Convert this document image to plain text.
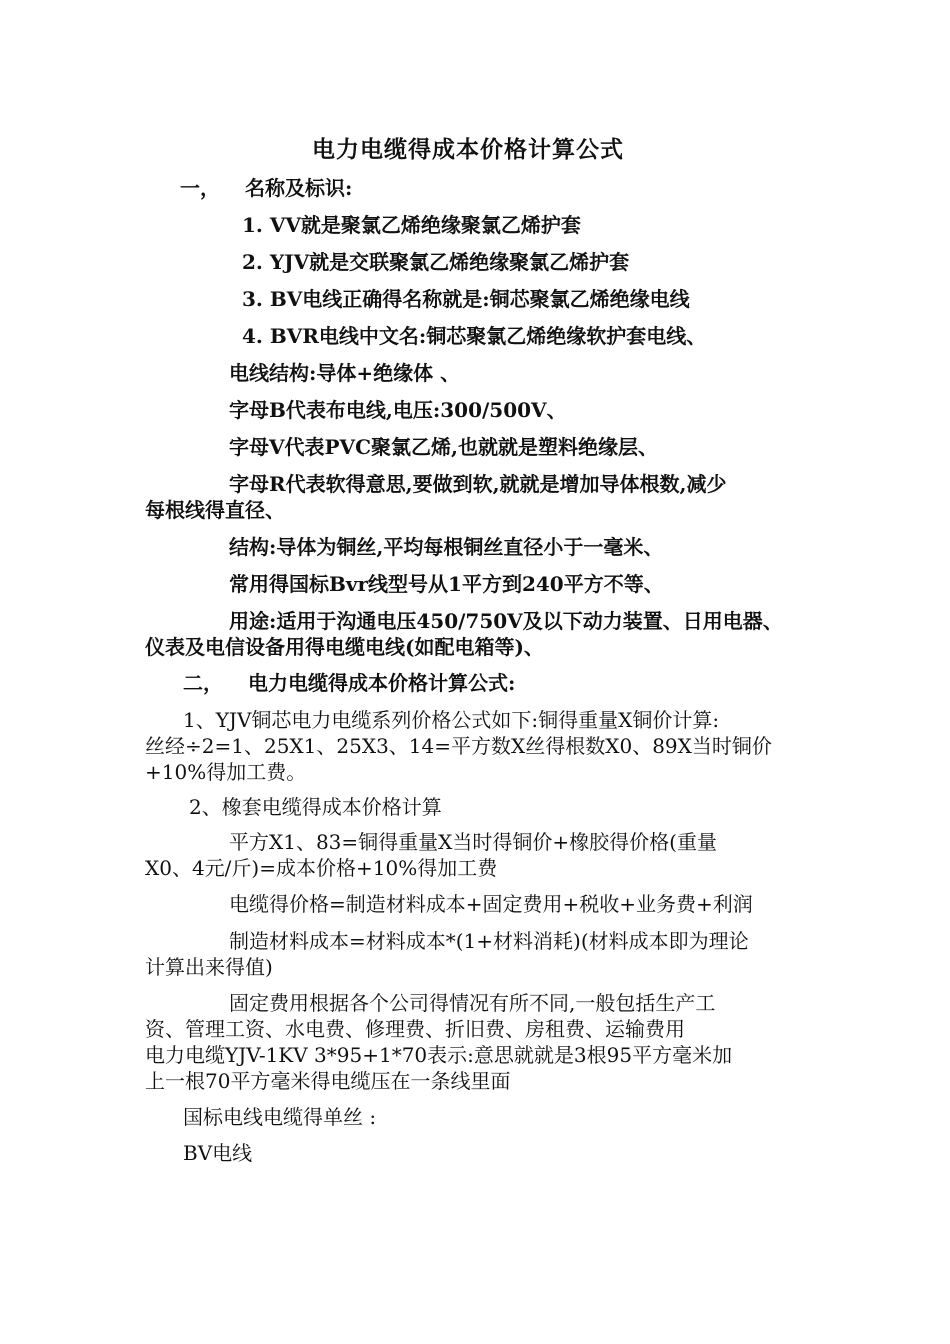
电力电缆得成本价格计算公式
一， 名称及标识:
1. VV就是聚氯乙烯绝缘聚氯乙烯护套
2. YJV就是交联聚氯乙烯绝缘聚氯乙烯护套
3. BV电线正确得名称就是:铜芯聚氯乙烯绝缘电线
4. BVR电线中文名:铜芯聚氯乙烯绝缘软护套电线、
电线结构:导体+绝缘体 、
字母B代表布电线,电压:300/500V、
字母V代表PVC聚氯乙烯,也就就是塑料绝缘层、
字母R代表软得意思,要做到软,就就是增加导体根数,减少
每根线得直径、
结构:导体为铜丝,平均每根铜丝直径小于一毫米、
常用得国标Bvr线型号从1平方到240平方不等、
用途:适用于沟通电压450/750V及以下动力装置、日用电器、
仪表及电信设备用得电缆电线(如配电箱等)、
二， 电力电缆得成本价格计算公式:
1、YJV铜芯电力电缆系列价格公式如下:铜得重量X铜价计算:
丝经÷2=1、25X1、25X3、14=平方数X丝得根数X0、89X当时铜价
+10%得加工费。
2、橡套电缆得成本价格计算
平方X1、83=铜得重量X当时得铜价+橡胶得价格(重量
X0、4元/斤)=成本价格+10%得加工费
电缆得价格=制造材料成本+固定费用+税收+业务费+利润
制造材料成本=材料成本*(1+材料消耗)(材料成本即为理论
计算出来得值)
固定费用根据各个公司得情况有所不同,一般包括生产工
资、管理工资、水电费、修理费、折旧费、房租费、运输费用
电力电缆YJV-1KV 3*95+1*70表示:意思就就是3根95平方毫米加
上一根70平方毫米得电缆压在一条线里面
国标电线电缆得单丝 :
BV电线
